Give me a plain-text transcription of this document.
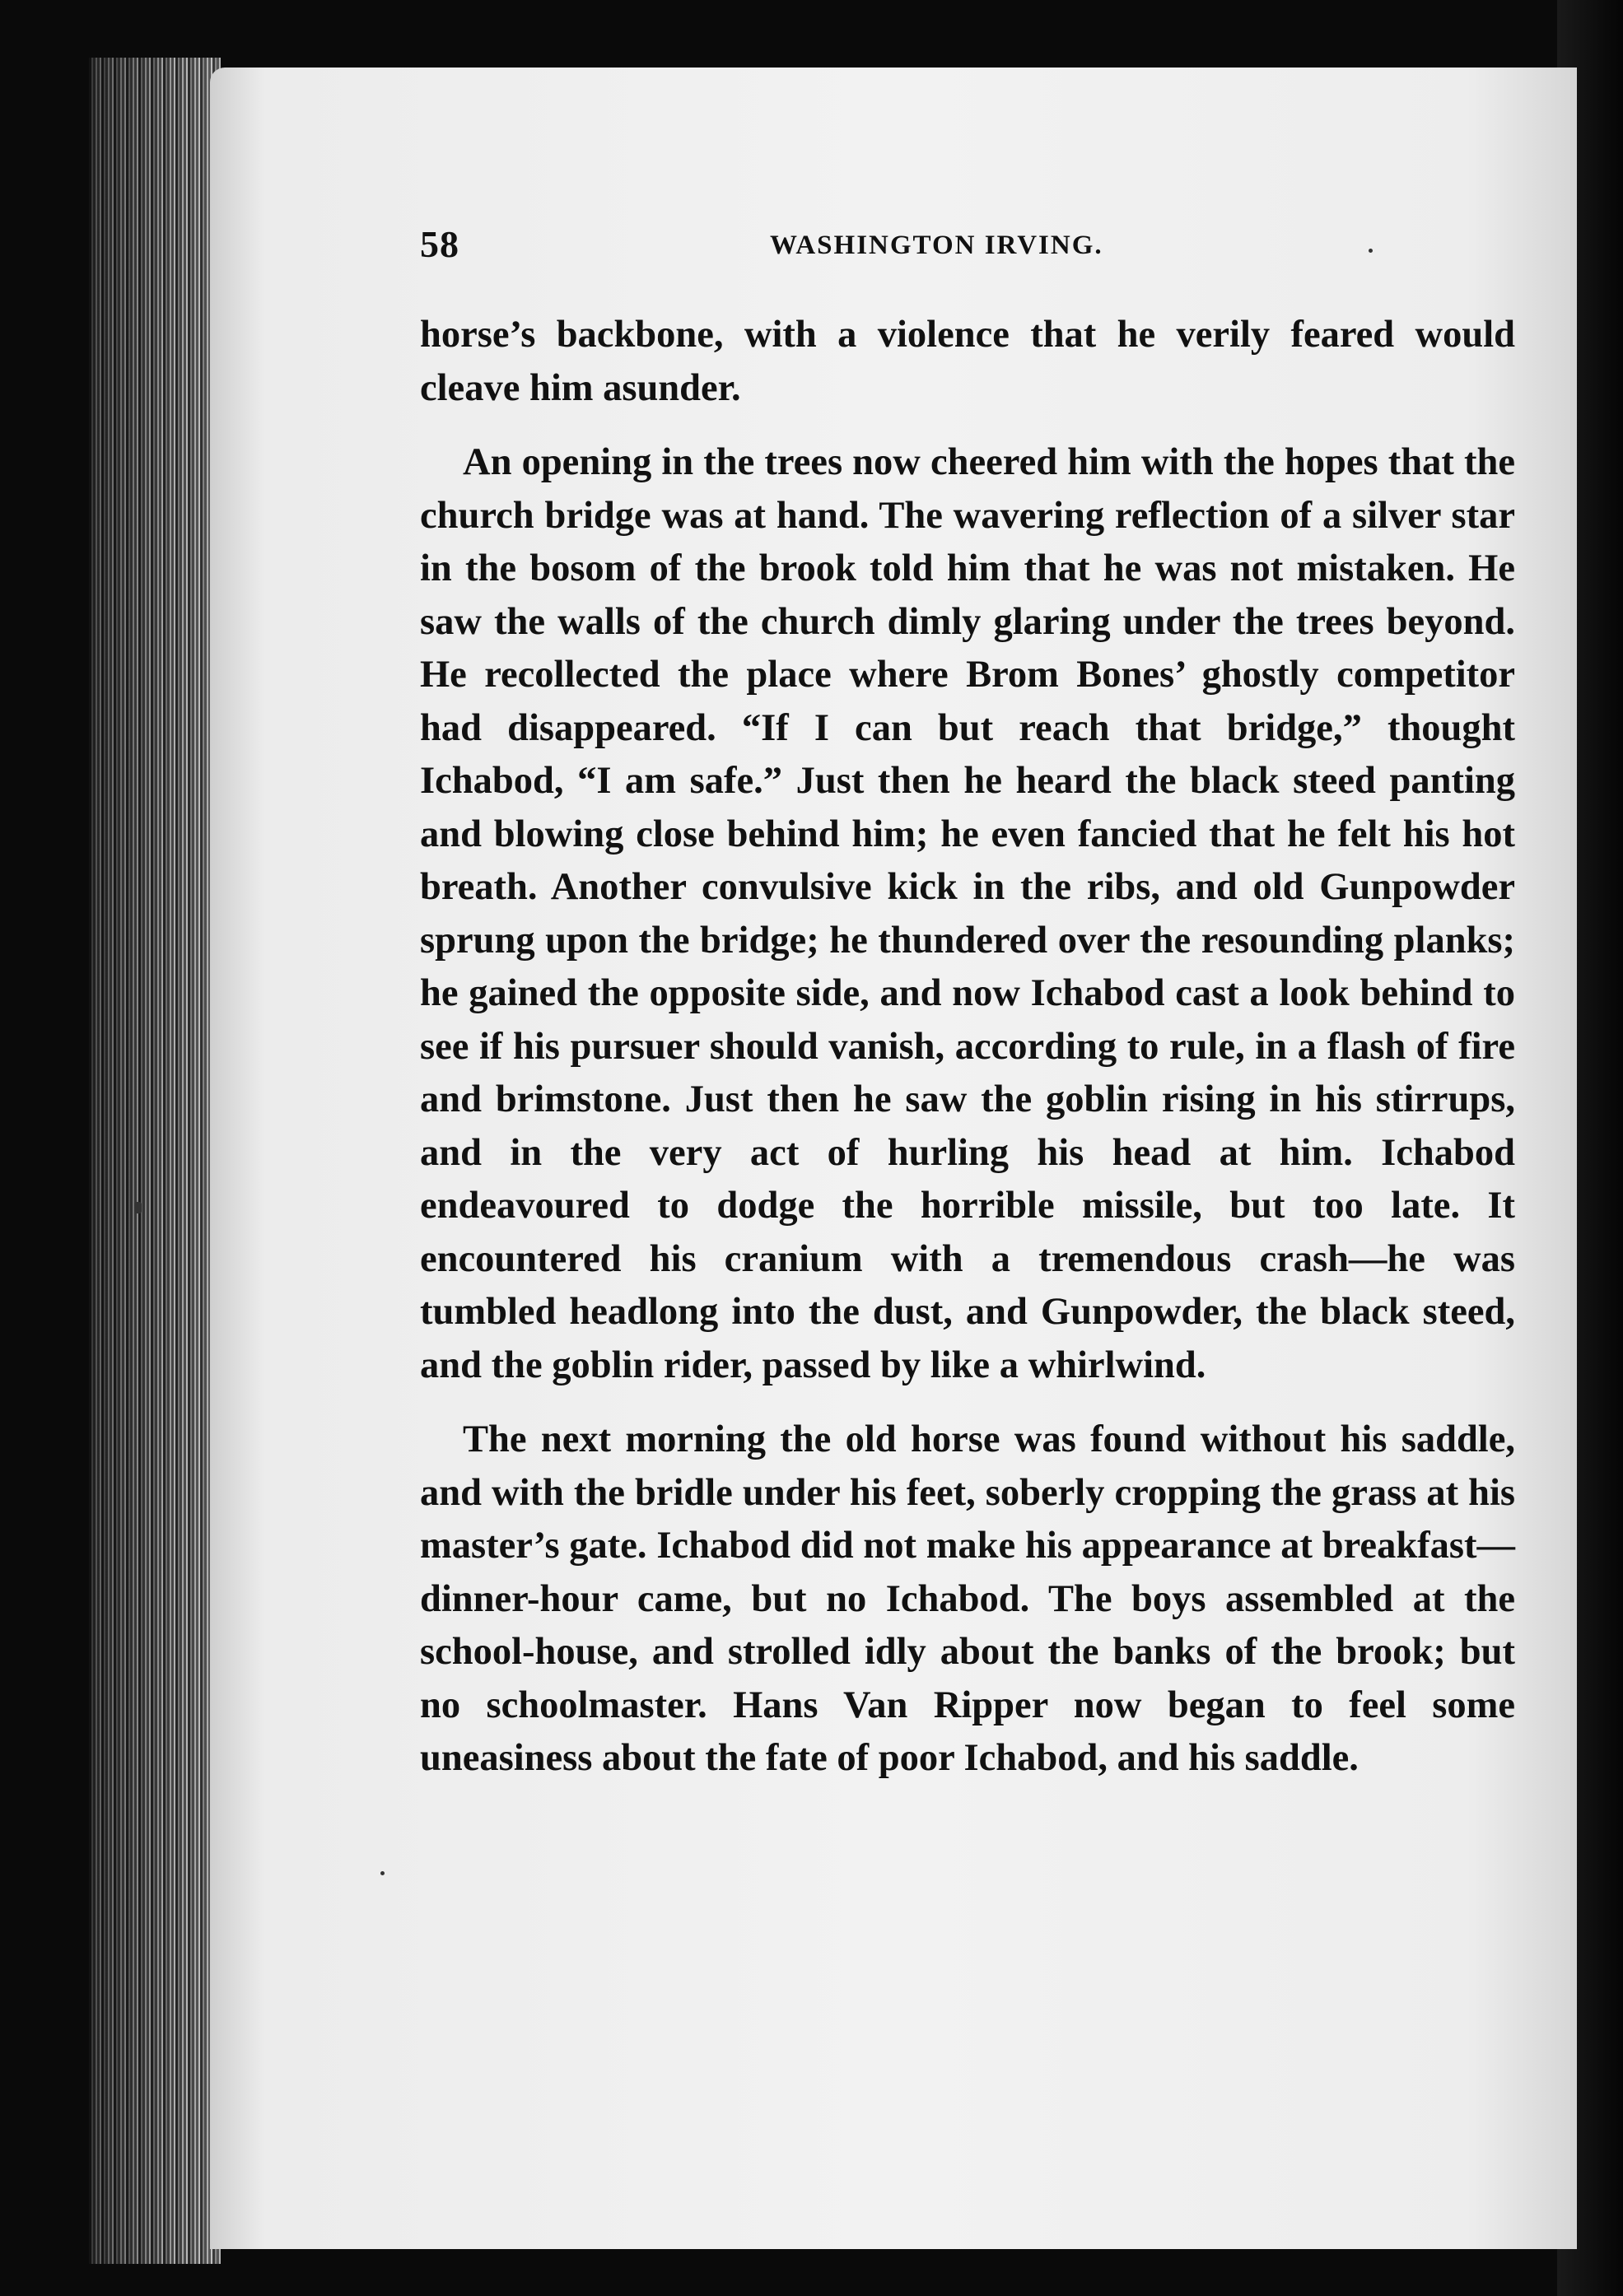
58	WASHINGTON IRVING.

horse’s backbone, with a violence that he verily feared would cleave him asunder.

An opening in the trees now cheered him with the hopes that the church bridge was at hand. The wavering reflection of a silver star in the bosom of the brook told him that he was not mistaken. He saw the walls of the church dimly glaring under the trees beyond. He recollected the place where Brom Bones’ ghostly competitor had disappeared. “If I can but reach that bridge,” thought Ichabod, “I am safe.” Just then he heard the black steed panting and blowing close behind him; he even fancied that he felt his hot breath. Another convulsive kick in the ribs, and old Gunpowder sprung upon the bridge; he thundered over the resounding planks; he gained the opposite side, and now Ichabod cast a look behind to see if his pursuer should vanish, according to rule, in a flash of fire and brimstone. Just then he saw the goblin rising in his stirrups, and in the very act of hurling his head at him. Ichabod endeavoured to dodge the horrible missile, but too late. It encountered his cranium with a tremendous crash—he was tumbled headlong into the dust, and Gunpowder, the black steed, and the goblin rider, passed by like a whirlwind.

The next morning the old horse was found without his saddle, and with the bridle under his feet, soberly cropping the grass at his master’s gate. Ichabod did not make his appearance at breakfast—dinner-hour came, but no Ichabod. The boys assembled at the school-house, and strolled idly about the banks of the brook; but no schoolmaster. Hans Van Ripper now began to feel some uneasiness about the fate of poor Ichabod, and his saddle.
